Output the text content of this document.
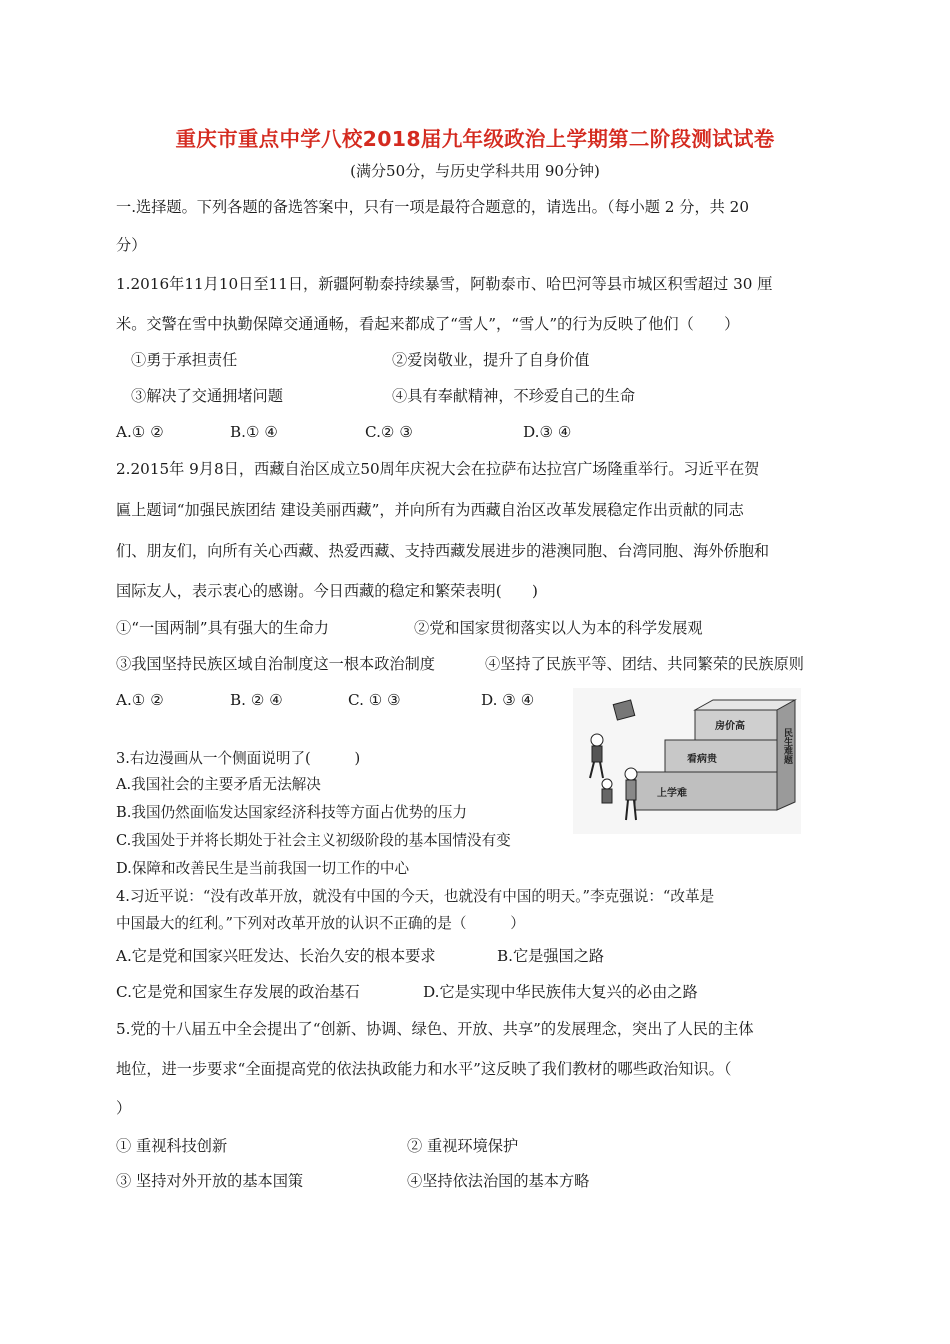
重庆市重点中学八校2018届九年级政治上学期第二阶段测试试卷
(满分50分，与历史学科共用 90分钟)
一.选择题。下列各题的备选答案中，只有一项是最符合题意的，请选出。（每小题 2 分，共 20
分）
1.2016年11月10日至11日，新疆阿勒泰持续暴雪，阿勒泰市、哈巴河等县市城区积雪超过 30 厘
米。交警在雪中执勤保障交通通畅，看起来都成了“雪人”，“雪人”的行为反映了他们（　　）
①勇于承担责任	②爱岗敬业，提升了自身价值
③解决了交通拥堵问题	④具有奉献精神，不珍爱自己的生命
A.① ②	B.① ④	C.② ③	D.③ ④
2.2015年 9月8日，西藏自治区成立50周年庆祝大会在拉萨布达拉宫广场隆重举行。习近平在贺
匾上题词“加强民族团结 建设美丽西藏”，并向所有为西藏自治区改革发展稳定作出贡献的同志
们、朋友们，向所有关心西藏、热爱西藏、支持西藏发展进步的港澳同胞、台湾同胞、海外侨胞和
国际友人，表示衷心的感谢。今日西藏的稳定和繁荣表明(　　)
①“一国两制”具有强大的生命力	②党和国家贯彻落实以人为本的科学发展观
③我国坚持民族区域自治制度这一根本政治制度	④坚持了民族平等、团结、共同繁荣的民族原则
A.① ②	B. ② ④	C. ① ③	D. ③ ④
房价高
看病贵
上学难
民生难题
3.右边漫画从一个侧面说明了(　　　)
A.我国社会的主要矛盾无法解决
B.我国仍然面临发达国家经济科技等方面占优势的压力
C.我国处于并将长期处于社会主义初级阶段的基本国情没有变
D.保障和改善民生是当前我国一切工作的中心
4.习近平说：“没有改革开放，就没有中国的今天，也就没有中国的明天。”李克强说：“改革是
中国最大的红利。”下列对改革开放的认识不正确的是（　　　）
A.它是党和国家兴旺发达、长治久安的根本要求	B.它是强国之路
C.它是党和国家生存发展的政治基石	D.它是实现中华民族伟大复兴的必由之路
5.党的十八届五中全会提出了“创新、协调、绿色、开放、共享”的发展理念，突出了人民的主体
地位，进一步要求“全面提高党的依法执政能力和水平”这反映了我们教材的哪些政治知识。（
）
① 重视科技创新	② 重视环境保护
③ 坚持对外开放的基本国策	④坚持依法治国的基本方略
